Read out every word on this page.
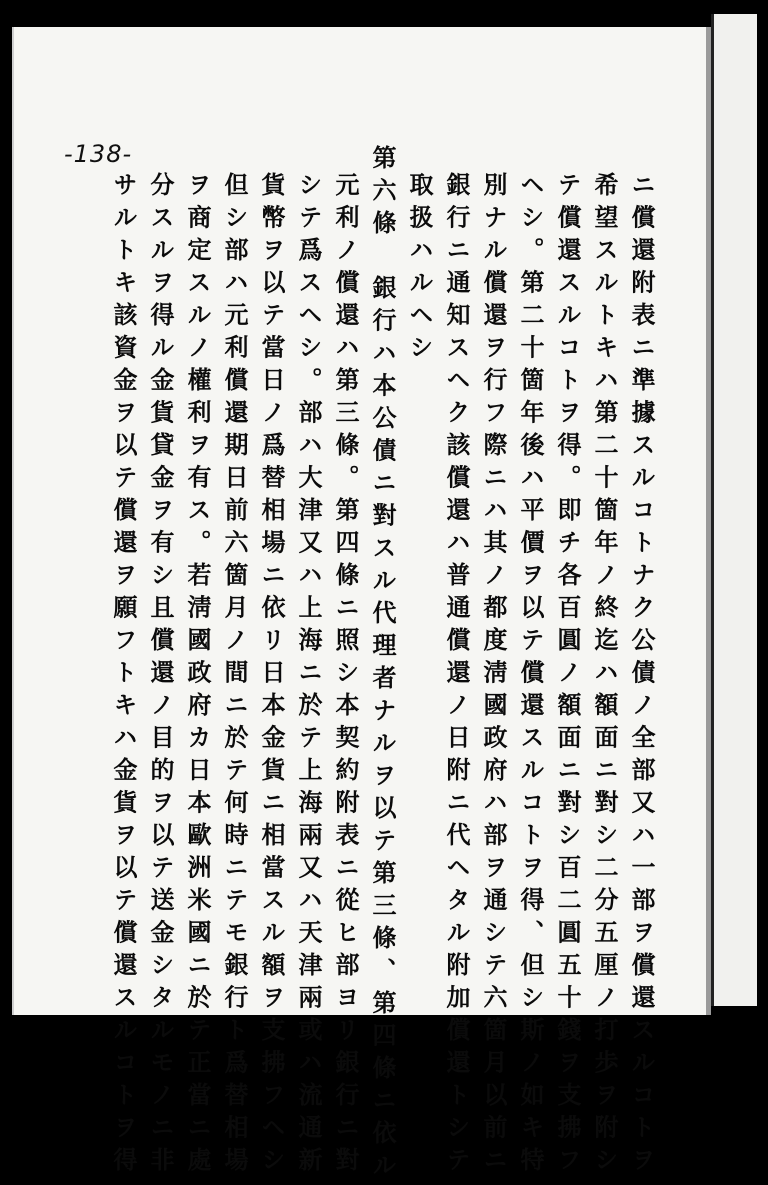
-138-
ニ償還附表ニ準據スルコトナク公債ノ全部又ハ一部ヲ償還スルコトヲ
希望スルトキハ第二十箇年ノ終迄ハ額面ニ對シ二分五厘ノ打歩ヲ附シ
テ償還スルコトヲ得。即チ各百圓ノ額面ニ對シ百二圓五十錢ヲ支拂フ
ヘシ。第二十箇年後ハ平價ヲ以テ償還スルコトヲ得、但シ斯ノ如キ特
別ナル償還ヲ行フ際ニハ其ノ都度淸國政府ハ部ヲ通シテ六箇月以前ニ
銀行ニ通知スヘク該償還ハ普通償還ノ日附ニ代ヘタル附加償還トシテ
取扱ハルヘシ
第六條　銀行ハ本公債ニ對スル代理者ナルヲ以テ第三條、第四條ニ依ル
元利ノ償還ハ第三條。第四條ニ照シ本契約附表ニ從ヒ部ヨリ銀行ニ對
シテ爲スヘシ。部ハ大津又ハ上海ニ於テ上海兩又ハ天津兩或ハ流通新
貨幣ヲ以テ當日ノ爲替相場ニ依リ日本金貨ニ相當スル額ヲ支拂フヘシ
但シ部ハ元利償還期日前六箇月ノ間ニ於テ何時ニテモ銀行ト爲替相場
ヲ商定スルノ權利ヲ有ス。若淸國政府カ日本歐洲米國ニ於テ正當ニ處
分スルヲ得ル金貨貸金ヲ有シ且償還ノ目的ヲ以テ送金シタルモノニ非
サルトキ該資金ヲ以テ償還ヲ願フトキハ金貨ヲ以テ償還スルコトヲ得
